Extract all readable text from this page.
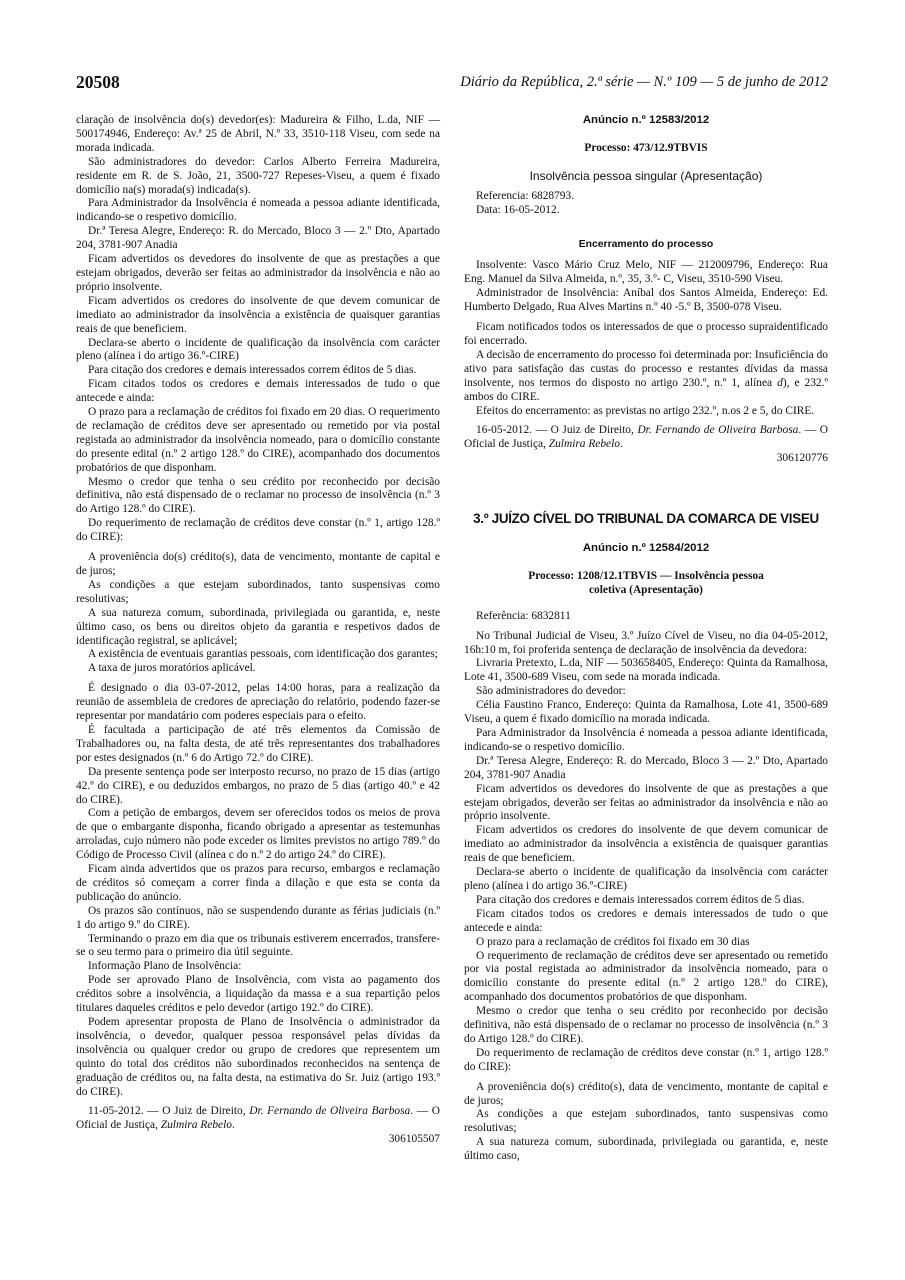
20508	Diário da República, 2.ª série — N.º 109 — 5 de junho de 2012

claração de insolvência do(s) devedor(es): Madureira & Filho, L.da, NIF — 500174946, Endereço: Av.ª 25 de Abril, N.º 33, 3510-118 Viseu, com sede na morada indicada.

São administradores do devedor: Carlos Alberto Ferreira Madureira, residente em R. de S. João, 21, 3500-727 Repeses-Viseu, a quem é fixado domicílio na(s) morada(s) indicada(s).

Para Administrador da Insolvência é nomeada a pessoa adiante identificada, indicando-se o respetivo domicílio.

Dr.ª Teresa Alegre, Endereço: R. do Mercado, Bloco 3 — 2.º Dto, Apartado 204, 3781-907 Anadia

Ficam advertidos os devedores do insolvente de que as prestações a que estejam obrigados, deverão ser feitas ao administrador da insolvência e não ao próprio insolvente.

Ficam advertidos os credores do insolvente de que devem comunicar de imediato ao administrador da insolvência a existência de quaisquer garantias reais de que beneficiem.

Declara-se aberto o incidente de qualificação da insolvência com carácter pleno (alínea i do artigo 36.º-CIRE)

Para citação dos credores e demais interessados correm éditos de 5 dias.

Ficam citados todos os credores e demais interessados de tudo o que antecede e ainda:

O prazo para a reclamação de créditos foi fixado em 20 dias. O requerimento de reclamação de créditos deve ser apresentado ou remetido por via postal registada ao administrador da insolvência nomeado, para o domicílio constante do presente edital (n.º 2 artigo 128.º do CIRE), acompanhado dos documentos probatórios de que disponham.

Mesmo o credor que tenha o seu crédito por reconhecido por decisão definitiva, não está dispensado de o reclamar no processo de insolvência (n.º 3 do Artigo 128.º do CIRE).

Do requerimento de reclamação de créditos deve constar (n.º 1, artigo 128.º do CIRE):

A proveniência do(s) crédito(s), data de vencimento, montante de capital e de juros;

As condições a que estejam subordinados, tanto suspensivas como resolutivas;

A sua natureza comum, subordinada, privilegiada ou garantida, e, neste último caso, os bens ou direitos objeto da garantia e respetivos dados de identificação registral, se aplicável;

A existência de eventuais garantias pessoais, com identificação dos garantes;

A taxa de juros moratórios aplicável.

É designado o dia 03-07-2012, pelas 14:00 horas, para a realização da reunião de assembleia de credores de apreciação do relatório, podendo fazer-se representar por mandatário com poderes especiais para o efeito.

É facultada a participação de até três elementos da Comissão de Trabalhadores ou, na falta desta, de até três representantes dos trabalhadores por estes designados (n.º 6 do Artigo 72.º do CIRE).

Da presente sentença pode ser interposto recurso, no prazo de 15 dias (artigo 42.º do CIRE), e ou deduzidos embargos, no prazo de 5 dias (artigo 40.º e 42 do CIRE).

Com a petição de embargos, devem ser oferecidos todos os meios de prova de que o embargante disponha, ficando obrigado a apresentar as testemunhas arroladas, cujo número não pode exceder os limites previstos no artigo 789.º do Código de Processo Civil (alínea c do n.º 2 do artigo 24.º do CIRE).

Ficam ainda advertidos que os prazos para recurso, embargos e reclamação de créditos só começam a correr finda a dilação e que esta se conta da publicação do anúncio.

Os prazos são contínuos, não se suspendendo durante as férias judiciais (n.º 1 do artigo 9.º do CIRE).

Terminando o prazo em dia que os tribunais estiverem encerrados, transfere-se o seu termo para o primeiro dia útil seguinte.

Informação Plano de Insolvência:

Pode ser aprovado Plano de Insolvência, com vista ao pagamento dos créditos sobre a insolvência, a liquidação da massa e a sua repartição pelos titulares daqueles créditos e pelo devedor (artigo 192.º do CIRE).

Podem apresentar proposta de Plano de Insolvência o administrador da insolvência, o devedor, qualquer pessoa responsável pelas dívidas da insolvência ou qualquer credor ou grupo de credores que representem um quinto do total dos créditos não subordinados reconhecidos na sentença de graduação de créditos ou, na falta desta, na estimativa do Sr. Juiz (artigo 193.º do CIRE).

11-05-2012. — O Juiz de Direito, Dr. Fernando de Oliveira Barbosa. — O Oficial de Justiça, Zulmira Rebelo.

306105507

Anúncio n.º 12583/2012

Processo: 473/12.9TBVIS

Insolvência pessoa singular (Apresentação)

Referencia: 6828793.

Data: 16-05-2012.

Encerramento do processo

Insolvente: Vasco Mário Cruz Melo, NIF — 212009796, Endereço: Rua Eng. Manuel da Silva Almeida, n.º, 35, 3.º- C, Viseu, 3510-590 Viseu.

Administrador de Insolvência: Aníbal dos Santos Almeida, Endereço: Ed. Humberto Delgado, Rua Alves Martins n.º 40 -5.º B, 3500-078 Viseu.

Ficam notificados todos os interessados de que o processo supraidentificado foi encerrado.

A decisão de encerramento do processo foi determinada por: Insuficiência do ativo para satisfação das custas do processo e restantes dívidas da massa insolvente, nos termos do disposto no artigo 230.º, n.º 1, alínea d), e 232.º ambos do CIRE.

Efeitos do encerramento: as previstas no artigo 232.º, n.os 2 e 5, do CIRE.

16-05-2012. — O Juiz de Direito, Dr. Fernando de Oliveira Barbosa. — O Oficial de Justiça, Zulmira Rebelo.

306120776

3.º JUÍZO CÍVEL DO TRIBUNAL DA COMARCA DE VISEU

Anúncio n.º 12584/2012

Processo: 1208/12.1TBVIS — Insolvência pessoa
coletiva (Apresentação)

Referência: 6832811

No Tribunal Judicial de Viseu, 3.º Juízo Cível de Viseu, no dia 04-05-2012, 16h:10 m, foi proferida sentença de declaração de insolvência da devedora:

Livraria Pretexto, L.da, NIF — 503658405, Endereço: Quinta da Ramalhosa, Lote 41, 3500-689 Viseu, com sede na morada indicada.

São administradores do devedor:

Célia Faustino Franco, Endereço: Quinta da Ramalhosa, Lote 41, 3500-689 Viseu, a quem é fixado domicílio na morada indicada.

Para Administrador da Insolvência é nomeada a pessoa adiante identificada, indicando-se o respetivo domicílio.

Dr.ª Teresa Alegre, Endereço: R. do Mercado, Bloco 3 — 2.º Dto, Apartado 204, 3781-907 Anadia

Ficam advertidos os devedores do insolvente de que as prestações a que estejam obrigados, deverão ser feitas ao administrador da insolvência e não ao próprio insolvente.

Ficam advertidos os credores do insolvente de que devem comunicar de imediato ao administrador da insolvência a existência de quaisquer garantias reais de que beneficiem.

Declara-se aberto o incidente de qualificação da insolvência com carácter pleno (alínea i do artigo 36.º-CIRE)

Para citação dos credores e demais interessados correm éditos de 5 dias.

Ficam citados todos os credores e demais interessados de tudo o que antecede e ainda:

O prazo para a reclamação de créditos foi fixado em 30 dias

O requerimento de reclamação de créditos deve ser apresentado ou remetido por via postal registada ao administrador da insolvência nomeado, para o domicílio constante do presente edital (n.º 2 artigo 128.º do CIRE), acompanhado dos documentos probatórios de que disponham.

Mesmo o credor que tenha o seu crédito por reconhecido por decisão definitiva, não está dispensado de o reclamar no processo de insolvência (n.º 3 do Artigo 128.º do CIRE).

Do requerimento de reclamação de créditos deve constar (n.º 1, artigo 128.º do CIRE):

A proveniência do(s) crédito(s), data de vencimento, montante de capital e de juros;

As condições a que estejam subordinados, tanto suspensivas como resolutivas;

A sua natureza comum, subordinada, privilegiada ou garantida, e, neste último caso,
